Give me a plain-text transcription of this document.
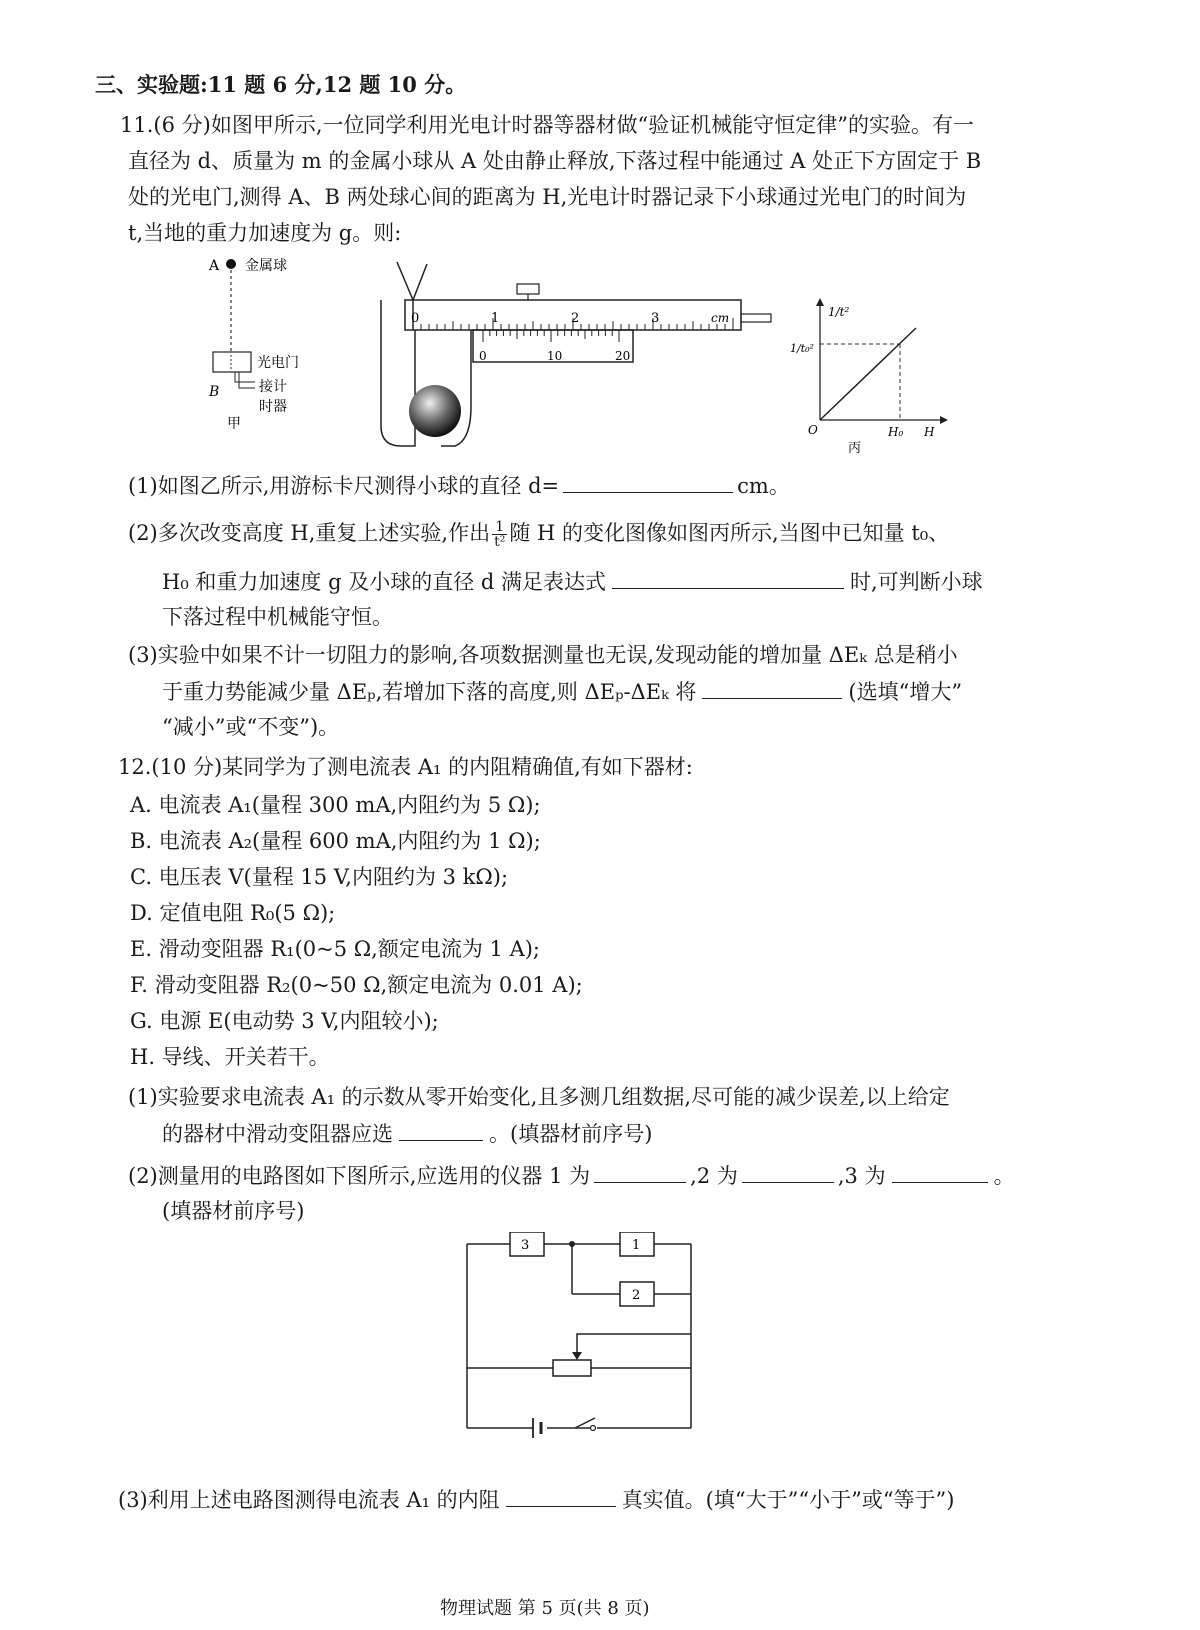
三、实验题:11 题 6 分,12 题 10 分。
11.(6 分)如图甲所示,一位同学利用光电计时器等器材做“验证机械能守恒定律”的实验。有一
直径为 d、质量为 m 的金属小球从 A 处由静止释放,下落过程中能通过 A 处正下方固定于 B
处的光电门,测得 A、B 两处球心间的距离为 H,光电计时器记录下小球通过光电门的时间为
t,当地的重力加速度为 g。则:
A 金属球
光电门
B	接计
时器
甲
0	1	2	3	cm
0	10	20
1/t²
1/t₀²
O	H₀ H
丙
(1)如图乙所示,用游标卡尺测得小球的直径 d=	cm。
(2)多次改变高度 H,重复上述实验,作出 $\frac{1}{\text{t²}}$ 随 H 的变化图像如图丙所示,当图中已知量 t₀、
H₀ 和重力加速度 g 及小球的直径 d 满足表达式	时,可判断小球
下落过程中机械能守恒。
(3)实验中如果不计一切阻力的影响,各项数据测量也无误,发现动能的增加量 ΔEₖ 总是稍小
于重力势能减少量 ΔEₚ,若增加下落的高度,则 ΔEₚ-ΔEₖ 将	(选填“增大”
“减小”或“不变”)。
12.(10 分)某同学为了测电流表 A₁ 的内阻精确值,有如下器材:
A. 电流表 A₁(量程 300 mA,内阻约为 5 Ω);
B. 电流表 A₂(量程 600 mA,内阻约为 1 Ω);
C. 电压表 V(量程 15 V,内阻约为 3 kΩ);
D. 定值电阻 R₀(5 Ω);
E. 滑动变阻器 R₁(0~5 Ω,额定电流为 1 A);
F. 滑动变阻器 R₂(0~50 Ω,额定电流为 0.01 A);
G. 电源 E(电动势 3 V,内阻较小);
H. 导线、开关若干。
(1)实验要求电流表 A₁ 的示数从零开始变化,且多测几组数据,尽可能的减少误差,以上给定
的器材中滑动变阻器应选	。(填器材前序号)
(2)测量用的电路图如下图所示,应选用的仪器 1 为	,2 为	,3 为	。
(填器材前序号)
3	1
2
(3)利用上述电路图测得电流表 A₁ 的内阻	真实值。(填“大于”“小于”或“等于”)
物理试题 第 5 页(共 8 页)
